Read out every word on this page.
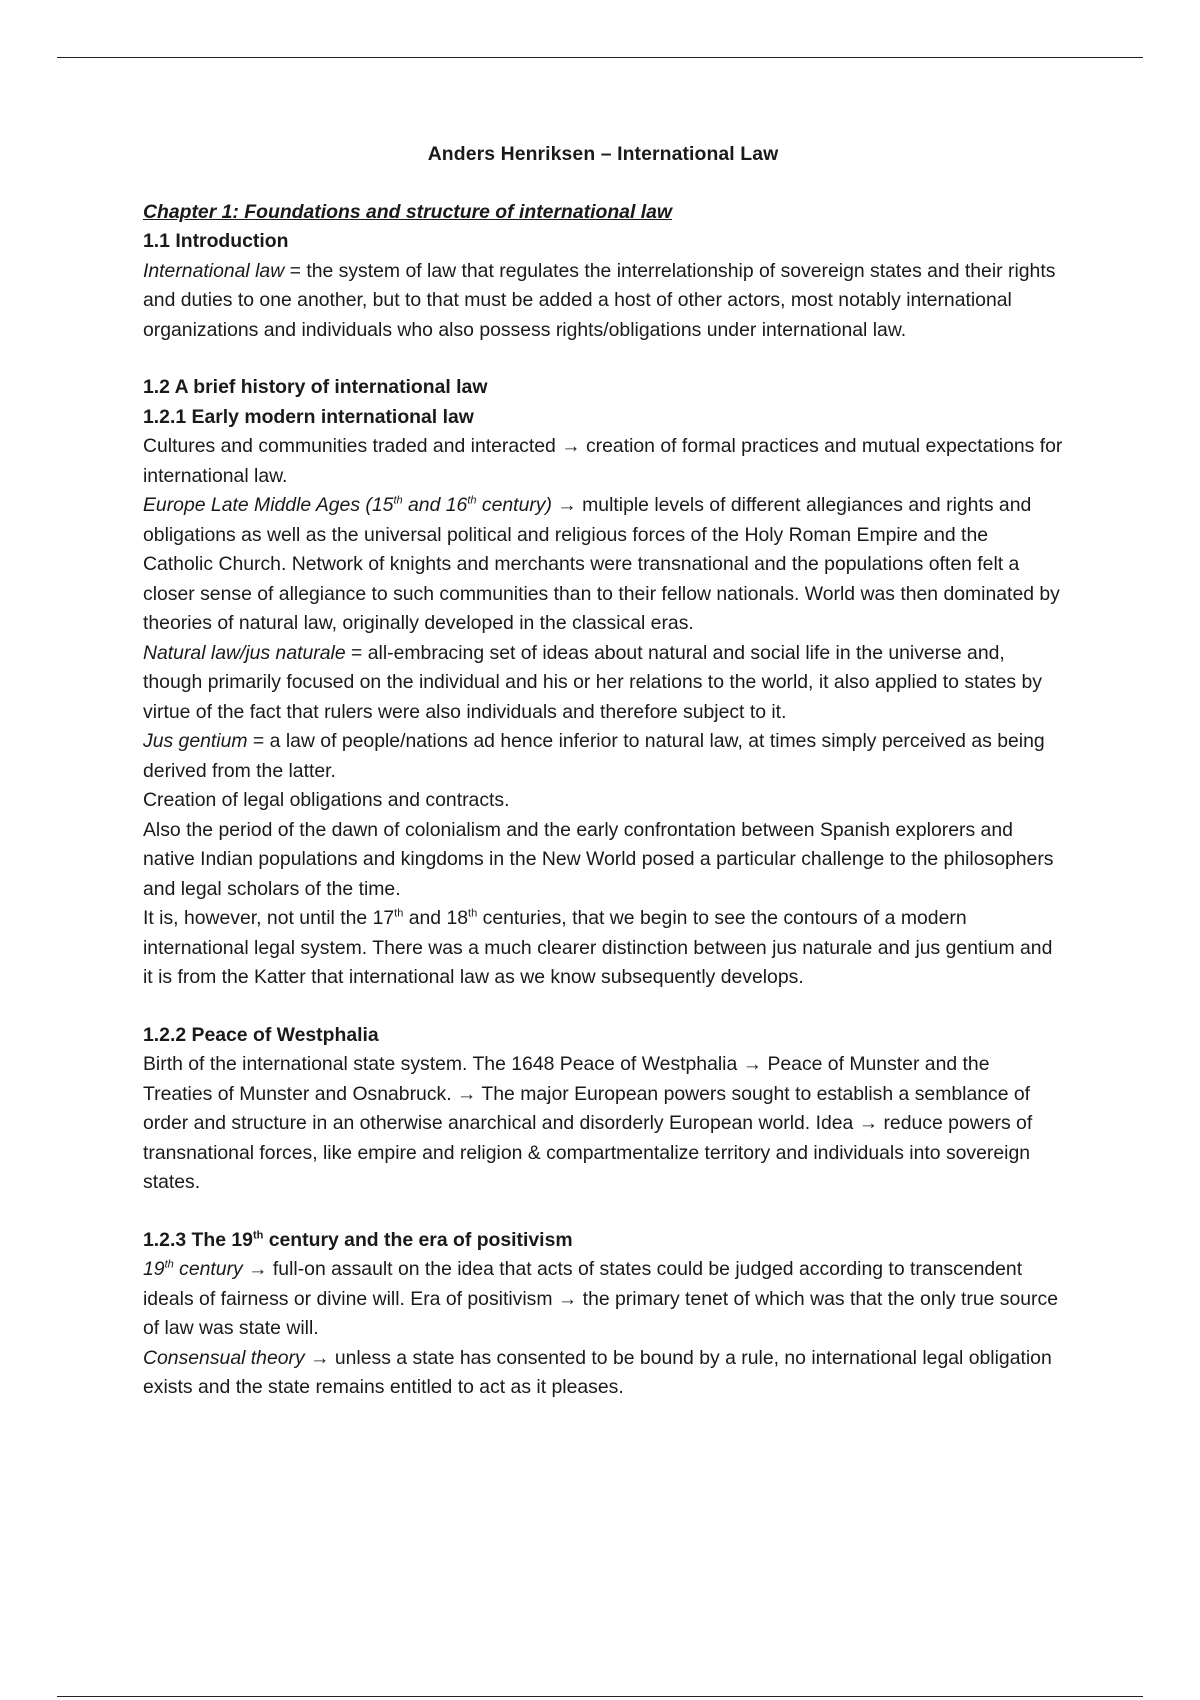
Anders Henriksen – International Law

Chapter 1: Foundations and structure of international law

1.1 Introduction

International law = the system of law that regulates the interrelationship of sovereign states and their rights and duties to one another, but to that must be added a host of other actors, most notably international organizations and individuals who also possess rights/obligations under international law.

1.2 A brief history of international law

1.2.1 Early modern international law

Cultures and communities traded and interacted → creation of formal practices and mutual expectations for international law.

Europe Late Middle Ages (15th and 16th century) → multiple levels of different allegiances and rights and obligations as well as the universal political and religious forces of the Holy Roman Empire and the Catholic Church. Network of knights and merchants were transnational and the populations often felt a closer sense of allegiance to such communities than to their fellow nationals. World was then dominated by theories of natural law, originally developed in the classical eras.

Natural law/jus naturale = all-embracing set of ideas about natural and social life in the universe and, though primarily focused on the individual and his or her relations to the world, it also applied to states by virtue of the fact that rulers were also individuals and therefore subject to it.

Jus gentium = a law of people/nations ad hence inferior to natural law, at times simply perceived as being derived from the latter.

Creation of legal obligations and contracts.

Also the period of the dawn of colonialism and the early confrontation between Spanish explorers and native Indian populations and kingdoms in the New World posed a particular challenge to the philosophers and legal scholars of the time.

It is, however, not until the 17th and 18th centuries, that we begin to see the contours of a modern international legal system. There was a much clearer distinction between jus naturale and jus gentium and it is from the Katter that international law as we know subsequently develops.

1.2.2 Peace of Westphalia

Birth of the international state system. The 1648 Peace of Westphalia → Peace of Munster and the Treaties of Munster and Osnabruck. → The major European powers sought to establish a semblance of order and structure in an otherwise anarchical and disorderly European world. Idea → reduce powers of transnational forces, like empire and religion & compartmentalize territory and individuals into sovereign states.

1.2.3 The 19th century and the era of positivism

19th century → full-on assault on the idea that acts of states could be judged according to transcendent ideals of fairness or divine will. Era of positivism → the primary tenet of which was that the only true source of law was state will.

Consensual theory → unless a state has consented to be bound by a rule, no international legal obligation exists and the state remains entitled to act as it pleases.
